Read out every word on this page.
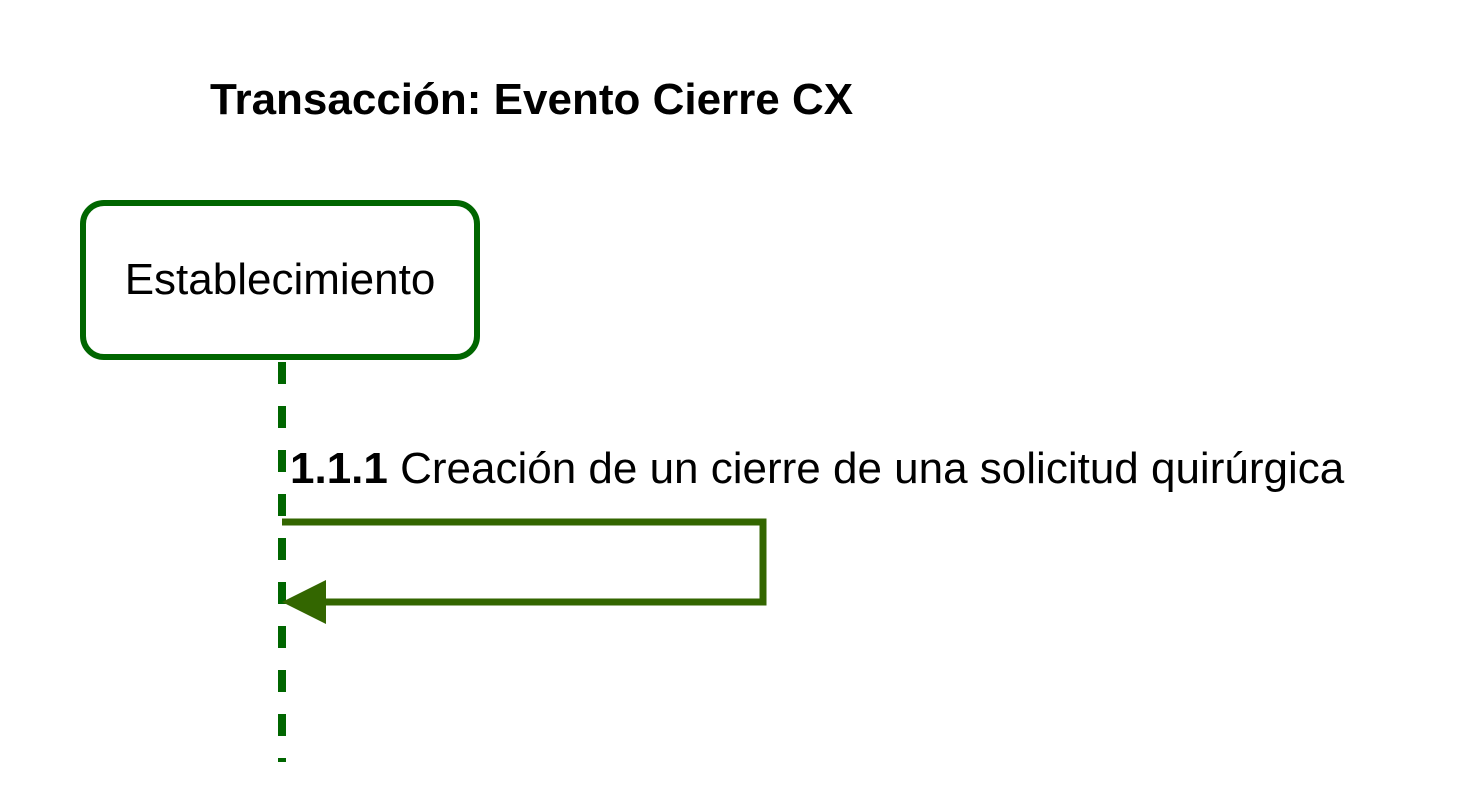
Transacción: Evento Cierre CX
Establecimiento
1.1.1 Creación de un cierre de una solicitud quirúrgica
